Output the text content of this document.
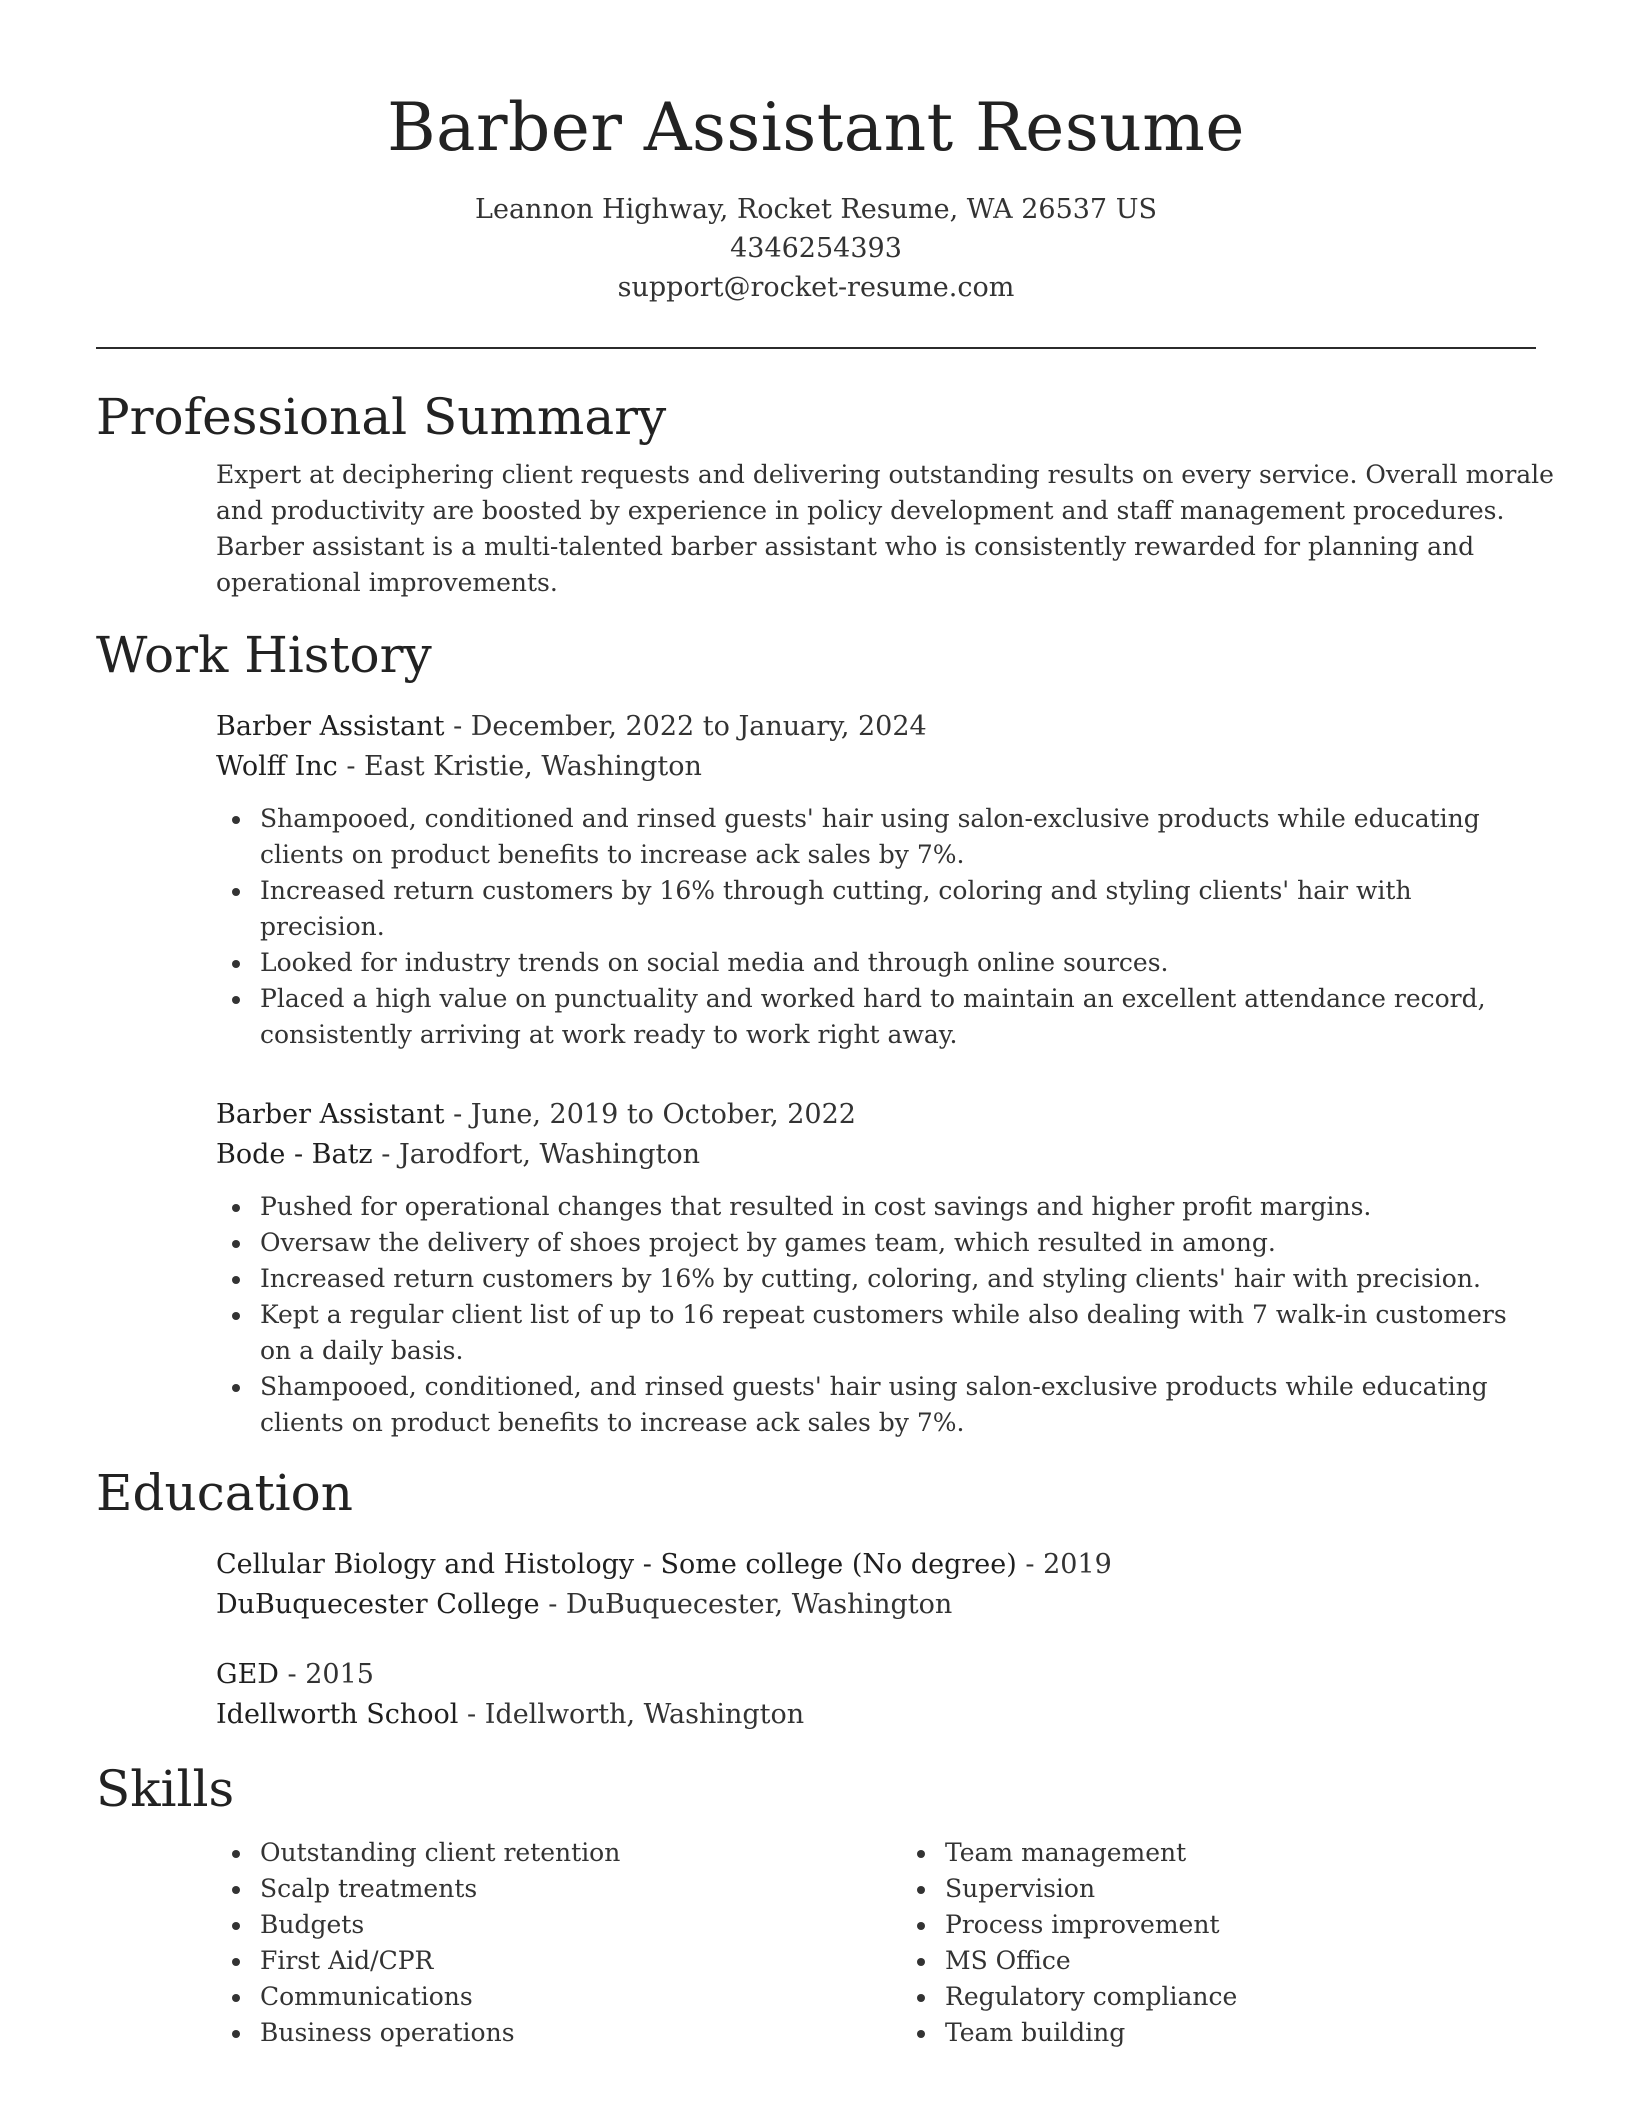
Barber Assistant Resume
Leannon Highway, Rocket Resume, WA 26537 US
4346254393
support@rocket-resume.com
Professional Summary

Expert at deciphering client requests and delivering outstanding results on every service. Overall morale and productivity are boosted by experience in policy development and staff management procedures. Barber assistant is a multi-talented barber assistant who is consistently rewarded for planning and operational improvements.

Work History
Barber Assistant - December, 2022 to January, 2024
Wolff Inc - East Kristie, Washington
Shampooed, conditioned and rinsed guests' hair using salon-exclusive products while educating clients on product benefits to increase ack sales by 7%.
Increased return customers by 16% through cutting, coloring and styling clients' hair with precision.
Looked for industry trends on social media and through online sources.
Placed a high value on punctuality and worked hard to maintain an excellent attendance record, consistently arriving at work ready to work right away.
Barber Assistant - June, 2019 to October, 2022
Bode - Batz - Jarodfort, Washington
Pushed for operational changes that resulted in cost savings and higher profit margins.
Oversaw the delivery of shoes project by games team, which resulted in among.
Increased return customers by 16% by cutting, coloring, and styling clients' hair with precision.
Kept a regular client list of up to 16 repeat customers while also dealing with 7 walk-in customers on a daily basis.
Shampooed, conditioned, and rinsed guests' hair using salon-exclusive products while educating clients on product benefits to increase ack sales by 7%.
Education
Cellular Biology and Histology - Some college (No degree) - 2019
DuBuquecester College - DuBuquecester, Washington
GED - 2015
Idellworth School - Idellworth, Washington
Skills
Outstanding client retention
Scalp treatments
Budgets
First Aid/CPR
Communications
Business operations
Team management
Supervision
Process improvement
MS Office
Regulatory compliance
Team building
